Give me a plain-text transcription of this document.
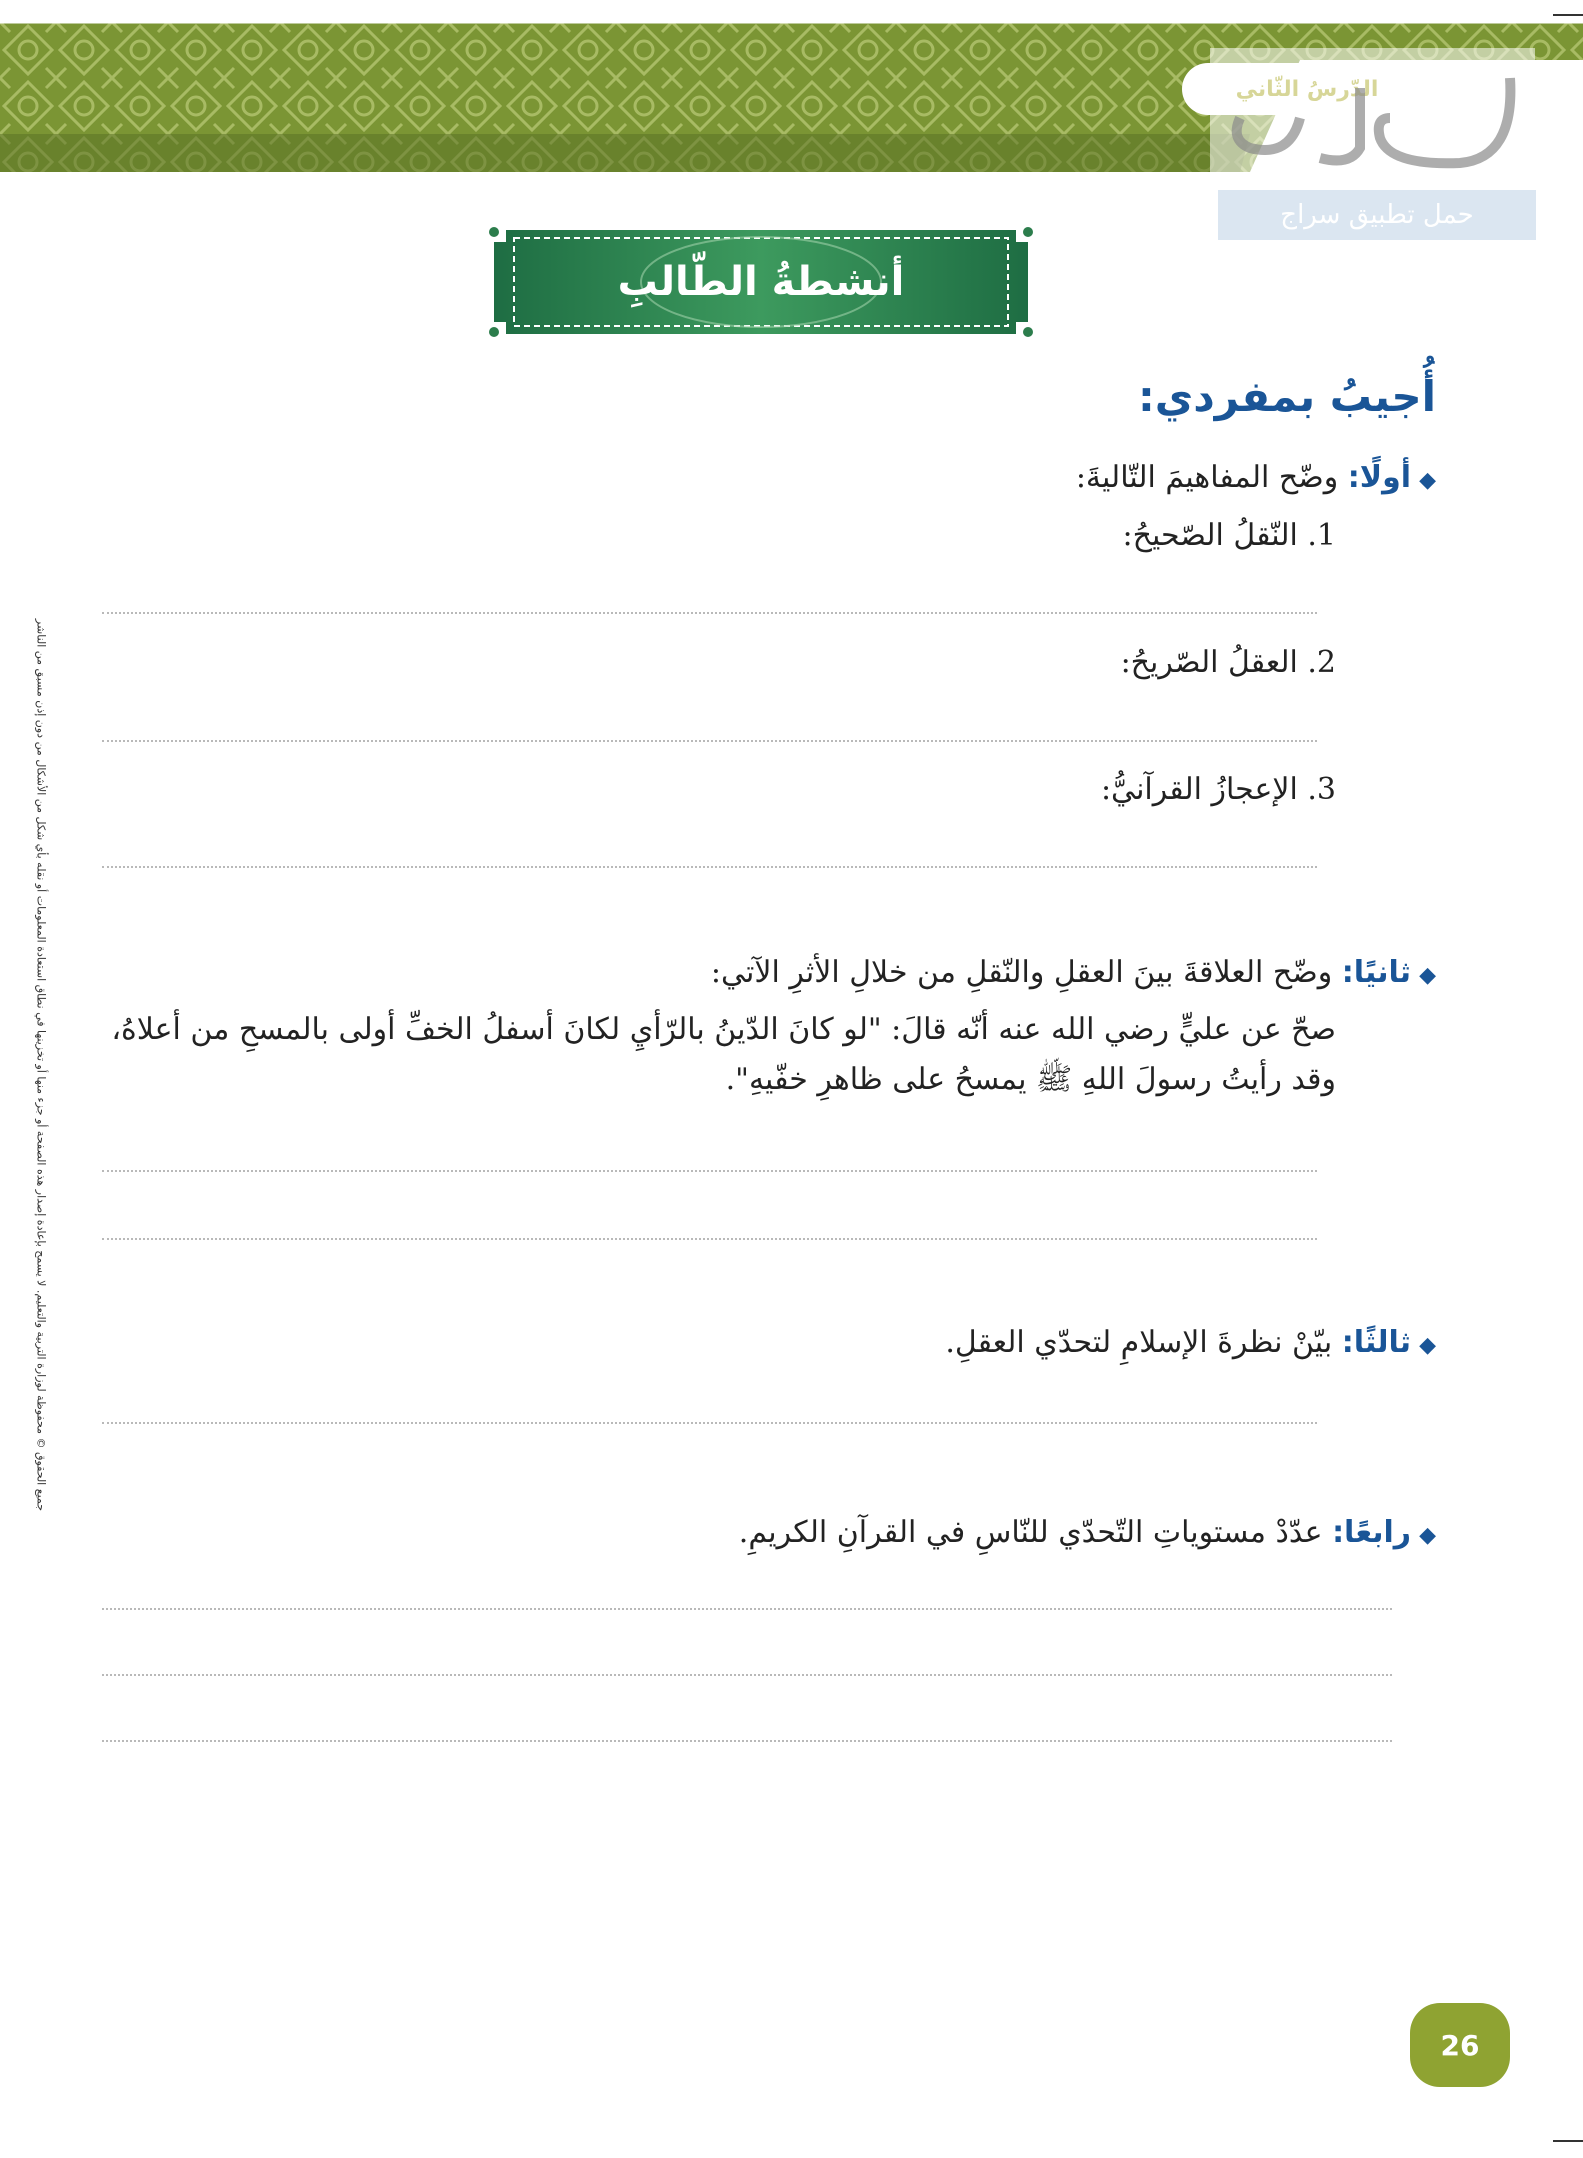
حمل تطبيق سراج
أنشطةُ الطّالبِ
أُجيبُ بمفردي:
◆أولًا: وضّح المفاهيمَ التّاليةَ:
1. النّقلُ الصّحيحُ:
2. العقلُ الصّريحُ:
3. الإعجازُ القرآنيُّ:
◆ثانيًا: وضّح العلاقةَ بينَ العقلِ والنّقلِ من خلالِ الأثرِ الآتي:
صحّ عن عليٍّ رضي الله عنه أنّه قالَ: "لو كانَ الدّينُ بالرّأيِ لكانَ أسفلُ الخفِّ أولى بالمسحِ من أعلاهُ،
وقد رأيتُ رسولَ اللهِ ﷺ يمسحُ على ظاهرِ خفّيهِ".
◆ثالثًا: بيّنْ نظرةَ الإسلامِ لتحدّي العقلِ.
◆رابعًا: عدّدْ مستوياتِ التّحدّي للنّاسِ في القرآنِ الكريمِ.
جميع الحقوق © محفوظة لوزارة التربية والتعليم. لا يسمح بإعادة إصدار هذه الصفحة أو جزء منها أو تخزينها في نطاق استعادة المعلومات أو نقله بأي شكل من الأشكال من دون إذن مسبق من الناشر
26
